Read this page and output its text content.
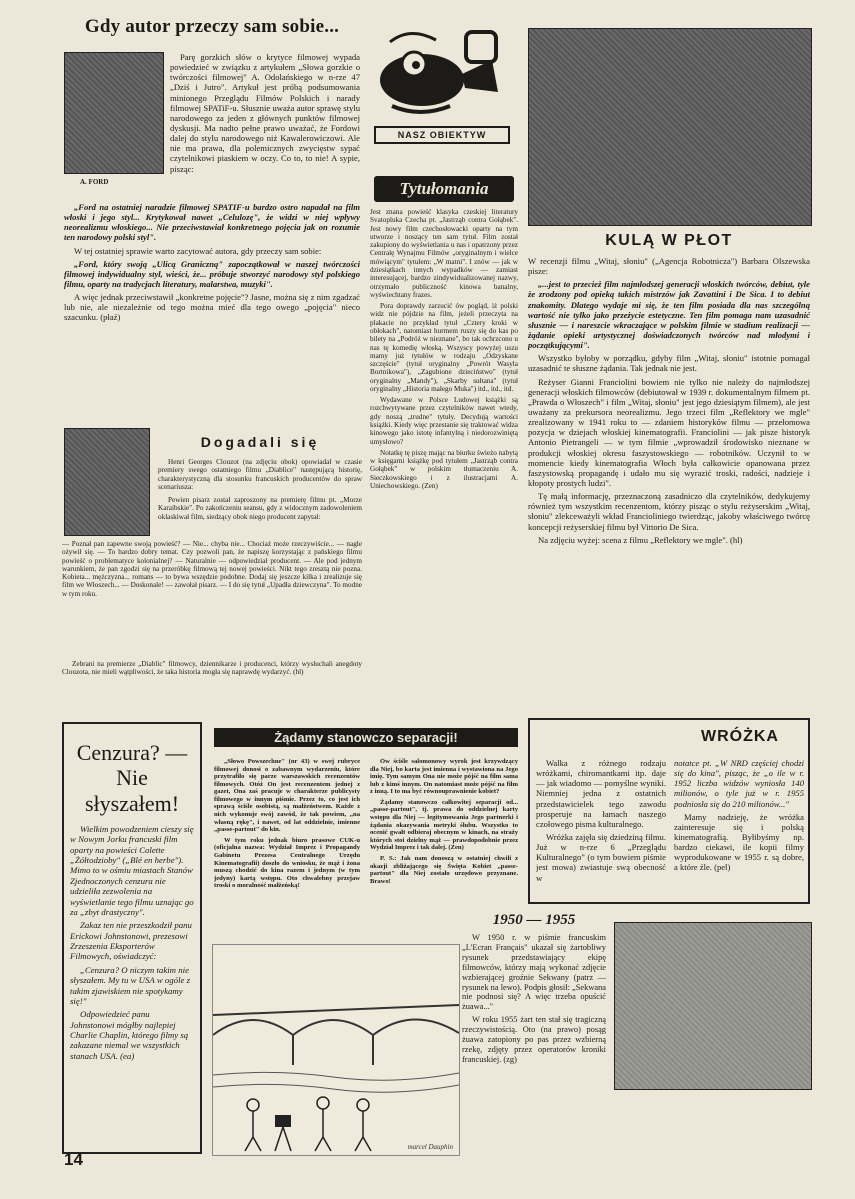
Gdy autor przeczy sam sobie...
A. FORD
Parę gorzkich słów o krytyce filmowej wypada powiedzieć w związku z artykułem „Słowa gorzkie o twórczości filmowej" A. Odolańskiego w n-rze 47 „Dziś i Jutro". Artykuł jest próbą podsumowania minionego Przeglądu Filmów Polskich i narady filmowej SPATiF-u. Słusznie uważa autor sprawę stylu narodowego za jeden z głównych punktów filmowej dyskusji. Ma nadto pełne prawo uważać, że Fordowi dalej do stylu narodowego niż Kawalerowiczowi. Ale nie ma prawa, dla polemicznych zwycięstw sypać czytelnikowi piaskiem w oczy. Co to, to nie! A sypie, pisząc:

„Ford na ostatniej naradzie filmowej SPATIF-u bardzo ostro napadał na film włoski i jego styl... Krytykował nawet „Celulozę", że widzi w niej wpływy neorealizmu włoskiego... Nie przeciwstawiał konkretnego pojęcia jak on rozumie ten narodowy polski styl".

W tej ostatniej sprawie warto zacytować autora, gdy przeczy sam sobie:

„Ford, który swoją „Ulicą Graniczną" zapoczątkował w naszej twórczości filmowej indywidualny styl, wieści, że... próbuje stworzyć narodowy styl polskiego filmu, oparty na tradycjach literatury, malarstwa, muzyki".

A więc jednak przeciwstawił „konkretne pojęcie"? Jasne, można się z nim zgadzać lub nie, ale niezależnie od tego można mieć dla tego owego „pojęcia" nieco szacunku. (płaź)

NASZ OBIEKTYW
Tytułomania

Jest znana powieść klasyka czeskiej literatury Svatopluka Czecha pt. „Jastrząb contra Gołąbek". Jest nowy film czechosłowacki oparty na tym utworze i noszący ten sam tytuł. Film został zakupiony do wyświetlania u nas i opatrzony przez Centralę Wynajmu Filmów „oryginalnym i wielce mówiącym" tytułem: „W matni". I znów — jak w dziesiątkach innych wypadków — zamiast interesującej, bardzo zindywidualizowanej nazwy, otrzymało publiczność kinowa banalny, wyświechtany frazes.

Pora doprawdy zarzucić ów pogląd, iż polski widz nie pójdzie na film, jeżeli przeczyta na plakacie no przykład tytuł „Cztery kroki w obłokach", natomiast hurmem ruszy się do kas po bilety na „Podróż w nieznane", bo tak ochrzcono u nas tę komedię włoską. Wszyscy powyżej uszu mamy już tytułów w rodzaju „Odzyskane szczęście" (tytuł oryginalny „Powrót Wasyla Bortnikowa"), „Zagubione dzieciństwo" (tytuł oryginalny „Mandy"), „Skarby sułtana" (tytuł oryginalny „Historia małego Muka") itd., itd., itd.

Wydawane w Polsce Ludowej książki są rozchwytywane przez czytelników nawet wtedy, gdy noszą „trudne" tytuły. Decydują wartości książki. Kiedy więc przestanie się traktować widza kinowego jako istotę infantylną i niedorozwiniętą umysłowo?

Notatkę tę piszę mając na biurku świeżo nabytą w księgarni książkę pod tytułem „Jastrząb contra Gołąbek" w polskim tłumaczeniu A. Sieczkowskiego i z ilustracjami A. Uniechowskiego. (Zen)

KULĄ W PŁOT

W recenzji filmu „Witaj, słoniu" („Agencja Robotnicza") Barbara Olszewska pisze:

„...jest to przecież film najmłodszej generacji włoskich twórców, debiut, tyle że zrodzony pod opieką takich mistrzów jak Zavattini i De Sica. I to debiut znakomity. Dlatego wydaje mi się, że ten film posiada dla nas szczególną wartość nie tylko jako przeżycie estetyczne. Ten film pomaga nam uzasadnić słusznie — i nareszcie wkraczające w polskim filmie w stadium realizacji — żądanie opieki artystycznej doświadczonych twórców nad młodymi i początkującymi".

Wszystko byłoby w porządku, gdyby film „Witaj, słoniu" istotnie pomagał uzasadnić te słuszne żądania. Tak jednak nie jest.

Reżyser Gianni Franciolini bowiem nie tylko nie należy do najmłodszej generacji włoskich filmowców (debiutował w 1939 r. dokumentalnym filmem pt. „Prawda o Włoszech" i film „Witaj, słoniu" jest jego dziesiątym filmem), ale jest uważany za prekursora neorealizmu. Jego trzeci film „Reflektory we mgle" zrealizowany w 1941 roku to — zdaniem historyków filmu — przełomowa pozycja w dziejach włoskiej kinematografii. Franciolini — jak pisze historyk Antonio Pietrangeli — w tym filmie „wprowadził środowisko nieznane w produkcji włoskiej okresu faszystowskiego — robotników. Uczynił to w momencie kiedy kinematografia Włoch była całkowicie opanowana przez faszystowską propagandę i udało mu się wyrazić troski, radości, nadzieje i kłopoty prostych ludzi".

Tę małą informację, przeznaczoną zasadniczo dla czytelników, dedykujemy również tym wszystkim recenzentom, którzy pisząc o stylu reżyserskim „Witaj, słoniu" zlekceważyli wkład Francioliniego twierdząc, jakoby właściwego twórcę koncepcji reżyserskiej filmu był Vittorio De Sica.

Na zdjęciu wyżej: scena z filmu „Reflektory we mgle". (hl)

Dogadali się
Henri Georges Clouzot (na zdjęciu obok) opowiadał w czasie premiery swego ostatniego filmu „Diablice" następującą historię, charakterystyczną dla stosunku francuskich producentów do spraw scenariusza:
Pewien pisarz został zaproszony na premierę filmu pt. „Morze Karaibskie". Po zakończeniu seansu, gdy z widocznym zadowoleniem oklaskiwał film, siedzący obok niego producent zapytał:
— Poznał pan zapewne swoją powieść? — Nie... chyba nie... Chociaż może rzeczywiście... — nagle ożywił się. — To bardzo dobry temat. Czy pozwoli pan, że napiszę korzystając z pańskiego filmu powieść o problematyce kolonialnej? — Naturalnie — odpowiedział producent. — Ale pod jednym warunkiem, że pan zgodzi się na przeróbkę filmową tej nowej powieści. Nikt tego zresztą nie pozna. Kobieta... mężczyzna... romans — to bywa wszędzie podobne. Dodaj się jeszcze kilka i zrealizuje się film we Włoszech... — Doskonale! — zawołał pisarz. — I do się tytuł „Upadła dziewczyna". To modne w tym roku.
Zebrani na premierze „Diablic" filmowcy, dziennikarze i producenci, którzy wysłuchali anegdoty Clouzota, nie mieli wątpliwości, że taka historia mogła się naprawdę wydarzyć. (hl)
Żądamy stanowczo separacji!

„Słowo Powszechne" (nr 43) w swej rubryce filmowej donosi o zabawnym wydarzeniu, które przytrafiło się parze warszawskich recenzentów filmowych. Otóż On jest recenzentem jednej z gazet, Ona zaś pracuje w charakterze publicysty filmowego w innym piśmie. Przez to, co jest ich sprawą ściśle osobistą, są małżeństwem. Każde z nich wykonuje swój zawód, że tak powiem, „na własną rękę", i nawet, od lat oddzielnie, imienne „passe-partout" do kin.

W tym roku jednak biuro prasowe CUK-u (oficjalna nazwa: Wydział Imprez i Propagandy Gabinetu Prezesa Centralnego Urzędu Kinematografii) doszło do wniosku, że mąż i żona muszą chodzić do kina razem i jednym (w tym jedyny) kartą wstępu. Oto chwalebny przejaw troski o moralność małżeńską!

Ów ściśle salomonowy wyrok jest krzywdzący dla Niej, bo karta jest imienna i wystawiona na Jego imię. Tym samym Ona nie może pójść na film sama lub z kimś innym. On natomiast może pójść na film z inną. I to ma być równouprawnienie kobiet?

Żądamy stanowczo całkowitej separacji od... „passe-partout", tj. prawa do oddzielnej karty wstępu dla Niej — legitymowania Jego partnerki i żądania okazywania metryki ślubu. Wszystko to ocenić gwałt odbieraj obecnym w kinach, na straży których stoi dzielny mąż — prawdopodobnie przez Wydział Imprez i tak dalej. (Zen)

P. S.: Jak nam donoszą w ostatniej chwili z okazji zbliżającego się Święta Kobiet „passe-partout" dla Niej zostało urzędowo przyznane. Brawo!

Cenzura? — Nie słyszałem!

Wielkim powodzeniem cieszy się w Nowym Jorku francuski film oparty na powieści Colette „Żółtodzioby" („Blé en herbe"). Mimo to w ośmiu miastach Stanów Zjednoczonych cenzura nie udzieliła zezwolenia na wyświetlanie tego filmu uznając go za „zbyt drastyczny".

Zakaz ten nie przeszkodził panu Erickowi Johnstonowi, prezesowi Zrzeszenia Eksporterów Filmowych, oświadczyć:

„Cenzura? O niczym takim nie słyszałem. My tu w USA w ogóle z takim zjawiskiem nie spotykamy się!"

Odpowiedzieć panu Johnstonowi mógłby najlepiej Charlie Chaplin, którego filmy są zakazane niemal we wszystkich stanach USA. (ea)

WRÓŻKA

Walka z różnego rodzaju wróżkami, chiromantkami itp. daje — jak wiadomo — pomyślne wyniki. Niemniej jedna z ostatnich przedstawicielek tego zawodu prosperuje na łamach naszego czołowego pisma kulturalnego.

Wróżka zajęła się dziedziną filmu. Już w n-rze 6 „Przeglądu Kulturalnego" (o tym bowiem piśmie jest mowa) zwiastuje swą obecność w

notatce pt. „W NRD częściej chodzi się do kina", pisząc, że „o ile w r. 1952 liczba widzów wyniosła 140 milionów, o tyle już w r. 1955 podniosła się do 210 milionów..."

Mamy nadzieję, że wróżka zainteresuje się i polską kinematografią. Byłibyśmy np. bardzo ciekawi, ile kopii filmy wyprodukowane w 1955 r. są dobre, a które źle. (pel)

1950 — 1955

W 1950 r. w piśmie francuskim „L'Ecran Français" ukazał się żartobliwy rysunek przedstawiający ekipę filmowców, którzy mają wykonać zdjęcie wzbierającej groźnie Sekwany (patrz — rysunek na lewo). Podpis głosił: „Sekwana nie podnosi się? A więc trzeba opuścić żuawa..."

W roku 1955 żart ten stał się tragiczną rzeczywistością. Oto (na prawo) posąg żuawa zatopiony po pas przez wzbierną rzekę, zdjęty przez operatorów kroniki francuskiej. (zg)

marcel Dauphin
14
